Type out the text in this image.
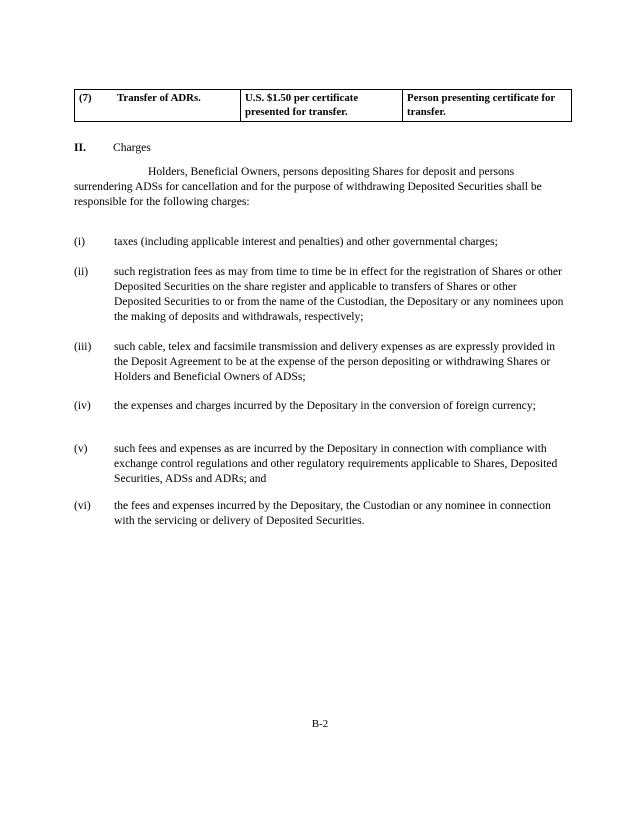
(7) Transfer of ADRs.	U.S. $1.50 per certificate presented for transfer.	Person presenting certificate for transfer.
II. Charges
Holders, Beneficial Owners, persons depositing Shares for deposit and persons surrendering ADSs for cancellation and for the purpose of withdrawing Deposited Securities shall be responsible for the following charges:
(i)	taxes (including applicable interest and penalties) and other governmental charges;
(ii) such registration fees as may from time to time be in effect for the registration of Shares or other Deposited Securities on the share register and applicable to transfers of Shares or other Deposited Securities to or from the name of the Custodian, the Depositary or any nominees upon the making of deposits and withdrawals, respectively;
(iii) such cable, telex and facsimile transmission and delivery expenses as are expressly provided in the Deposit Agreement to be at the expense of the person depositing or withdrawing Shares or Holders and Beneficial Owners of ADSs;
(iv) the expenses and charges incurred by the Depositary in the conversion of foreign currency;
(v) such fees and expenses as are incurred by the Depositary in connection with compliance with exchange control regulations and other regulatory requirements applicable to Shares, Deposited Securities, ADSs and ADRs; and
(vi) the fees and expenses incurred by the Depositary, the Custodian or any nominee in connection with the servicing or delivery of Deposited Securities.
B-2
